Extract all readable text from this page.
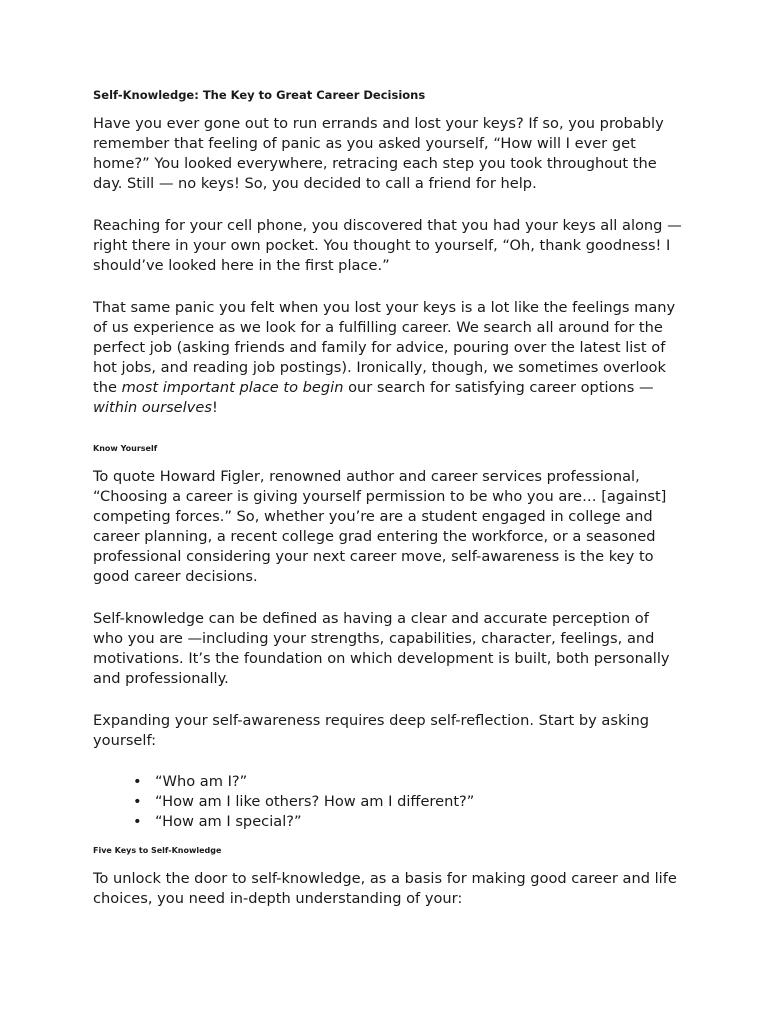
Self-Knowledge: The Key to Great Career Decisions

Have you ever gone out to run errands and lost your keys? If so, you probably remember that feeling of panic as you asked yourself, “How will I ever get home?” You looked everywhere, retracing each step you took throughout the day. Still — no keys! So, you decided to call a friend for help.

Reaching for your cell phone, you discovered that you had your keys all along — right there in your own pocket. You thought to yourself, “Oh, thank goodness! I should’ve looked here in the first place.”

That same panic you felt when you lost your keys is a lot like the feelings many of us experience as we look for a fulfilling career. We search all around for the perfect job (asking friends and family for advice, pouring over the latest list of hot jobs, and reading job postings). Ironically, though, we sometimes overlook the most important place to begin our search for satisfying career options — within ourselves!

Know Yourself

To quote Howard Figler, renowned author and career services professional, “Choosing a career is giving yourself permission to be who you are… [against] competing forces.” So, whether you’re are a student engaged in college and career planning, a recent college grad entering the workforce, or a seasoned professional considering your next career move, self-awareness is the key to good career decisions.

Self-knowledge can be defined as having a clear and accurate perception of who you are —including your strengths, capabilities, character, feelings, and motivations. It’s the foundation on which development is built, both personally and professionally.

Expanding your self-awareness requires deep self-reflection. Start by asking yourself:

• “Who am I?”
• “How am I like others? How am I different?”
• “How am I special?”

Five Keys to Self-Knowledge

To unlock the door to self-knowledge, as a basis for making good career and life choices, you need in-depth understanding of your:
